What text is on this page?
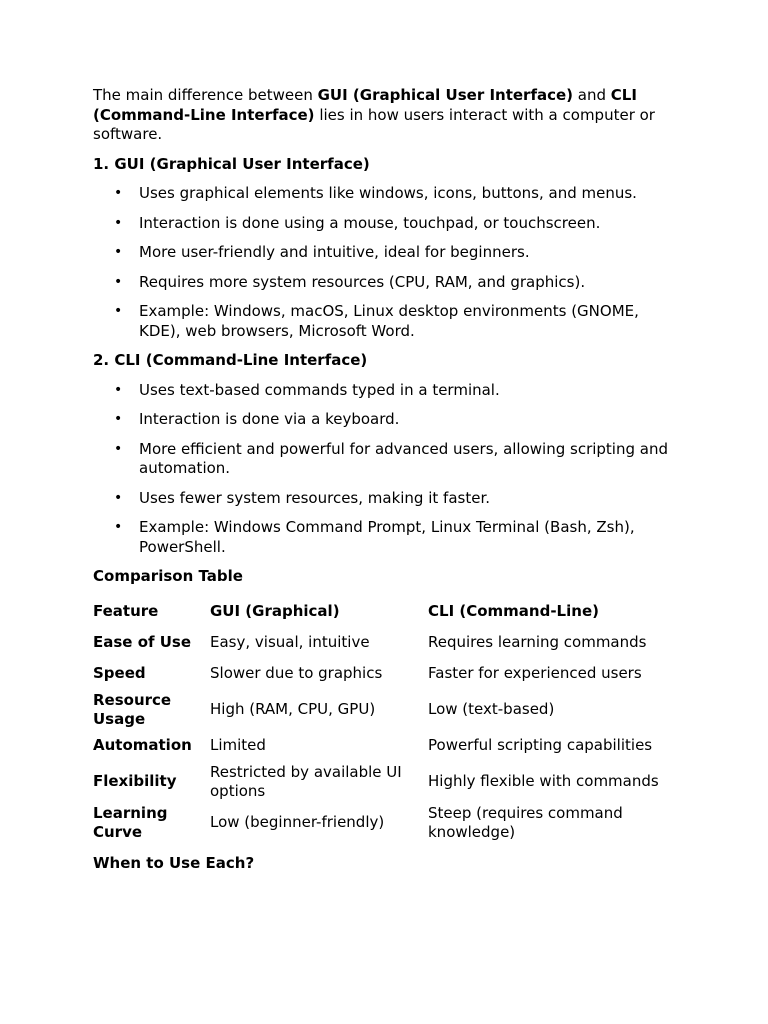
The main difference between GUI (Graphical User Interface) and CLI (Command-Line Interface) lies in how users interact with a computer or software.

1. GUI (Graphical User Interface)
• Uses graphical elements like windows, icons, buttons, and menus.
• Interaction is done using a mouse, touchpad, or touchscreen.
• More user-friendly and intuitive, ideal for beginners.
• Requires more system resources (CPU, RAM, and graphics).
• Example: Windows, macOS, Linux desktop environments (GNOME, KDE), web browsers, Microsoft Word.
2. CLI (Command-Line Interface)
• Uses text-based commands typed in a terminal.
• Interaction is done via a keyboard.
• More efficient and powerful for advanced users, allowing scripting and automation.
• Uses fewer system resources, making it faster.
• Example: Windows Command Prompt, Linux Terminal (Bash, Zsh), PowerShell.
Comparison Table
Feature	GUI (Graphical)	CLI (Command-Line)
Ease of Use	Easy, visual, intuitive	Requires learning commands
Speed	Slower due to graphics	Faster for experienced users
Resource Usage	High (RAM, CPU, GPU)	Low (text-based)
Automation	Limited	Powerful scripting capabilities
Flexibility	Restricted by available UI options	Highly flexible with commands
Learning Curve	Low (beginner-friendly)	Steep (requires command knowledge)
When to Use Each?
